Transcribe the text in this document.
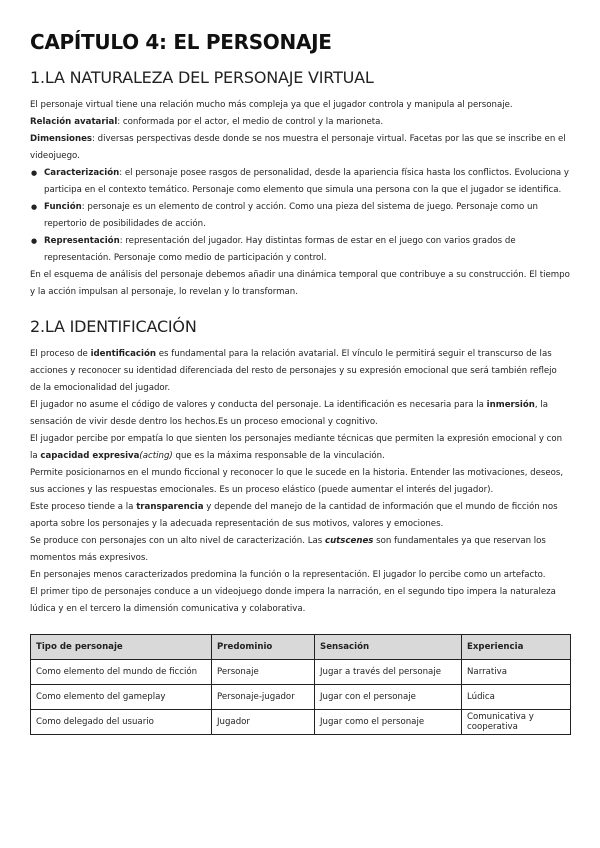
CAPÍTULO 4: EL PERSONAJE
1.LA NATURALEZA DEL PERSONAJE VIRTUAL

El personaje virtual tiene una relación mucho más compleja ya que el jugador controla y manipula al personaje.

Relación avatarial: conformada por el actor, el medio de control y la marioneta.

Dimensiones: diversas perspectivas desde donde se nos muestra el personaje virtual. Facetas por las que se inscribe en el videojuego.

● Caracterización: el personaje posee rasgos de personalidad, desde la apariencia física hasta los conflictos. Evoluciona y participa en el contexto temático. Personaje como elemento que simula una persona con la que el jugador se identifica.
● Función: personaje es un elemento de control y acción. Como una pieza del sistema de juego. Personaje como un repertorio de posibilidades de acción.
● Representación: representación del jugador. Hay distintas formas de estar en el juego con varios grados de representación. Personaje como medio de participación y control.

En el esquema de análisis del personaje debemos añadir una dinámica temporal que contribuye a su construcción. El tiempo y la acción impulsan al personaje, lo revelan y lo transforman.

2.LA IDENTIFICACIÓN

El proceso de identificación es fundamental para la relación avatarial. El vínculo le permitirá seguir el transcurso de las acciones y reconocer su identidad diferenciada del resto de personajes y su expresión emocional que será también reflejo de la emocionalidad del jugador.

El jugador no asume el código de valores y conducta del personaje. La identificación es necesaria para la inmersión, la sensación de vivir desde dentro los hechos.Es un proceso emocional y cognitivo.

El jugador percibe por empatía lo que sienten los personajes mediante técnicas que permiten la expresión emocional y con la capacidad expresiva(acting) que es la máxima responsable de la vinculación.

Permite posicionarnos en el mundo ficcional y reconocer lo que le sucede en la historia. Entender las motivaciones, deseos, sus acciones y las respuestas emocionales. Es un proceso elástico (puede aumentar el interés del jugador).

Este proceso tiende a la transparencia y depende del manejo de la cantidad de información que el mundo de ficción nos aporta sobre los personajes y la adecuada representación de sus motivos, valores y emociones.

Se produce con personajes con un alto nivel de caracterización. Las cutscenes son fundamentales ya que reservan los momentos más expresivos.

En personajes menos caracterizados predomina la función o la representación. El jugador lo percibe como un artefacto.

El primer tipo de personajes conduce a un videojuego donde impera la narración, en el segundo tipo impera la naturaleza lúdica y en el tercero la dimensión comunicativa y colaborativa.

Tipo de personaje	Predominio	Sensación	Experiencia
Como elemento del mundo de ficción	Personaje	Jugar a través del personaje	Narrativa
Como elemento del gameplay	Personaje-jugador	Jugar con el personaje	Lúdica
Como delegado del usuario	Jugador	Jugar como el personaje	Comunicativa y cooperativa
